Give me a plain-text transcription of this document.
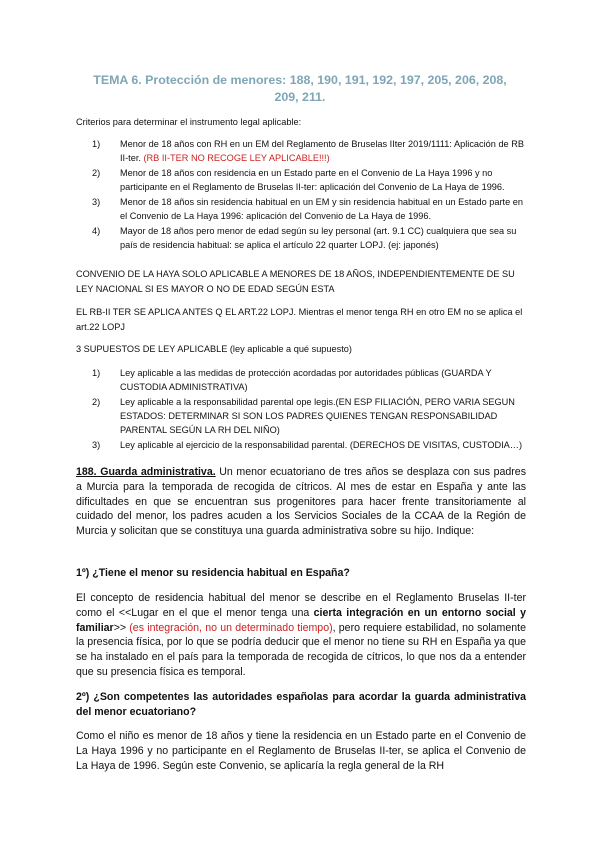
TEMA 6. Protección de menores: 188, 190, 191, 192, 197, 205, 206, 208, 209, 211.
Criterios para determinar el instrumento legal aplicable:
1) Menor de 18 años con RH en un EM del Reglamento de Bruselas IIter 2019/1111: Aplicación de RB II-ter. (RB II-TER NO RECOGE LEY APLICABLE!!!)
2) Menor de 18 años con residencia en un Estado parte en el Convenio de La Haya 1996 y no participante en el Reglamento de Bruselas II-ter: aplicación del Convenio de La Haya de 1996.
3) Menor de 18 años sin residencia habitual en un EM y sin residencia habitual en un Estado parte en el Convenio de La Haya 1996: aplicación del Convenio de La Haya de 1996.
4) Mayor de 18 años pero menor de edad según su ley personal (art. 9.1 CC) cualquiera que sea su país de residencia habitual: se aplica el artículo 22 quarter LOPJ. (ej: japonés)
CONVENIO DE LA HAYA SOLO APLICABLE A MENORES DE 18 AÑOS, INDEPENDIENTEMENTE DE SU LEY NACIONAL SI ES MAYOR O NO DE EDAD SEGÚN ESTA
EL RB-II TER SE APLICA ANTES Q EL ART.22 LOPJ. Mientras el menor tenga RH en otro EM no se aplica el art.22 LOPJ
3 SUPUESTOS DE LEY APLICABLE (ley aplicable a qué supuesto)
1) Ley aplicable a las medidas de protección acordadas por autoridades públicas (GUARDA Y CUSTODIA ADMINISTRATIVA)
2) Ley aplicable a la responsabilidad parental ope legis.(EN ESP FILIACIÓN, PERO VARIA SEGUN ESTADOS: DETERMINAR SI SON LOS PADRES QUIENES TENGAN RESPONSABILIDAD PARENTAL SEGÚN LA RH DEL NIÑO)
3) Ley aplicable al ejercicio de la responsabilidad parental. (DERECHOS DE VISITAS, CUSTODIA…)
188. Guarda administrativa. Un menor ecuatoriano de tres años se desplaza con sus padres a Murcia para la temporada de recogida de cítricos. Al mes de estar en España y ante las dificultades en que se encuentran sus progenitores para hacer frente transitoriamente al cuidado del menor, los padres acuden a los Servicios Sociales de la CCAA de la Región de Murcia y solicitan que se constituya una guarda administrativa sobre su hijo. Indique:
1º) ¿Tiene el menor su residencia habitual en España?
El concepto de residencia habitual del menor se describe en el Reglamento Bruselas II-ter como el <<Lugar en el que el menor tenga una cierta integración en un entorno social y familiar>> (es integración, no un determinado tiempo), pero requiere estabilidad, no solamente la presencia física, por lo que se podría deducir que el menor no tiene su RH en España ya que se ha instalado en el país para la temporada de recogida de cítricos, lo que nos da a entender que su presencia física es temporal.
2º) ¿Son competentes las autoridades españolas para acordar la guarda administrativa del menor ecuatoriano?
Como el niño es menor de 18 años y tiene la residencia en un Estado parte en el Convenio de La Haya 1996 y no participante en el Reglamento de Bruselas II-ter, se aplica el Convenio de La Haya de 1996. Según este Convenio, se aplicaría la regla general de la RH
